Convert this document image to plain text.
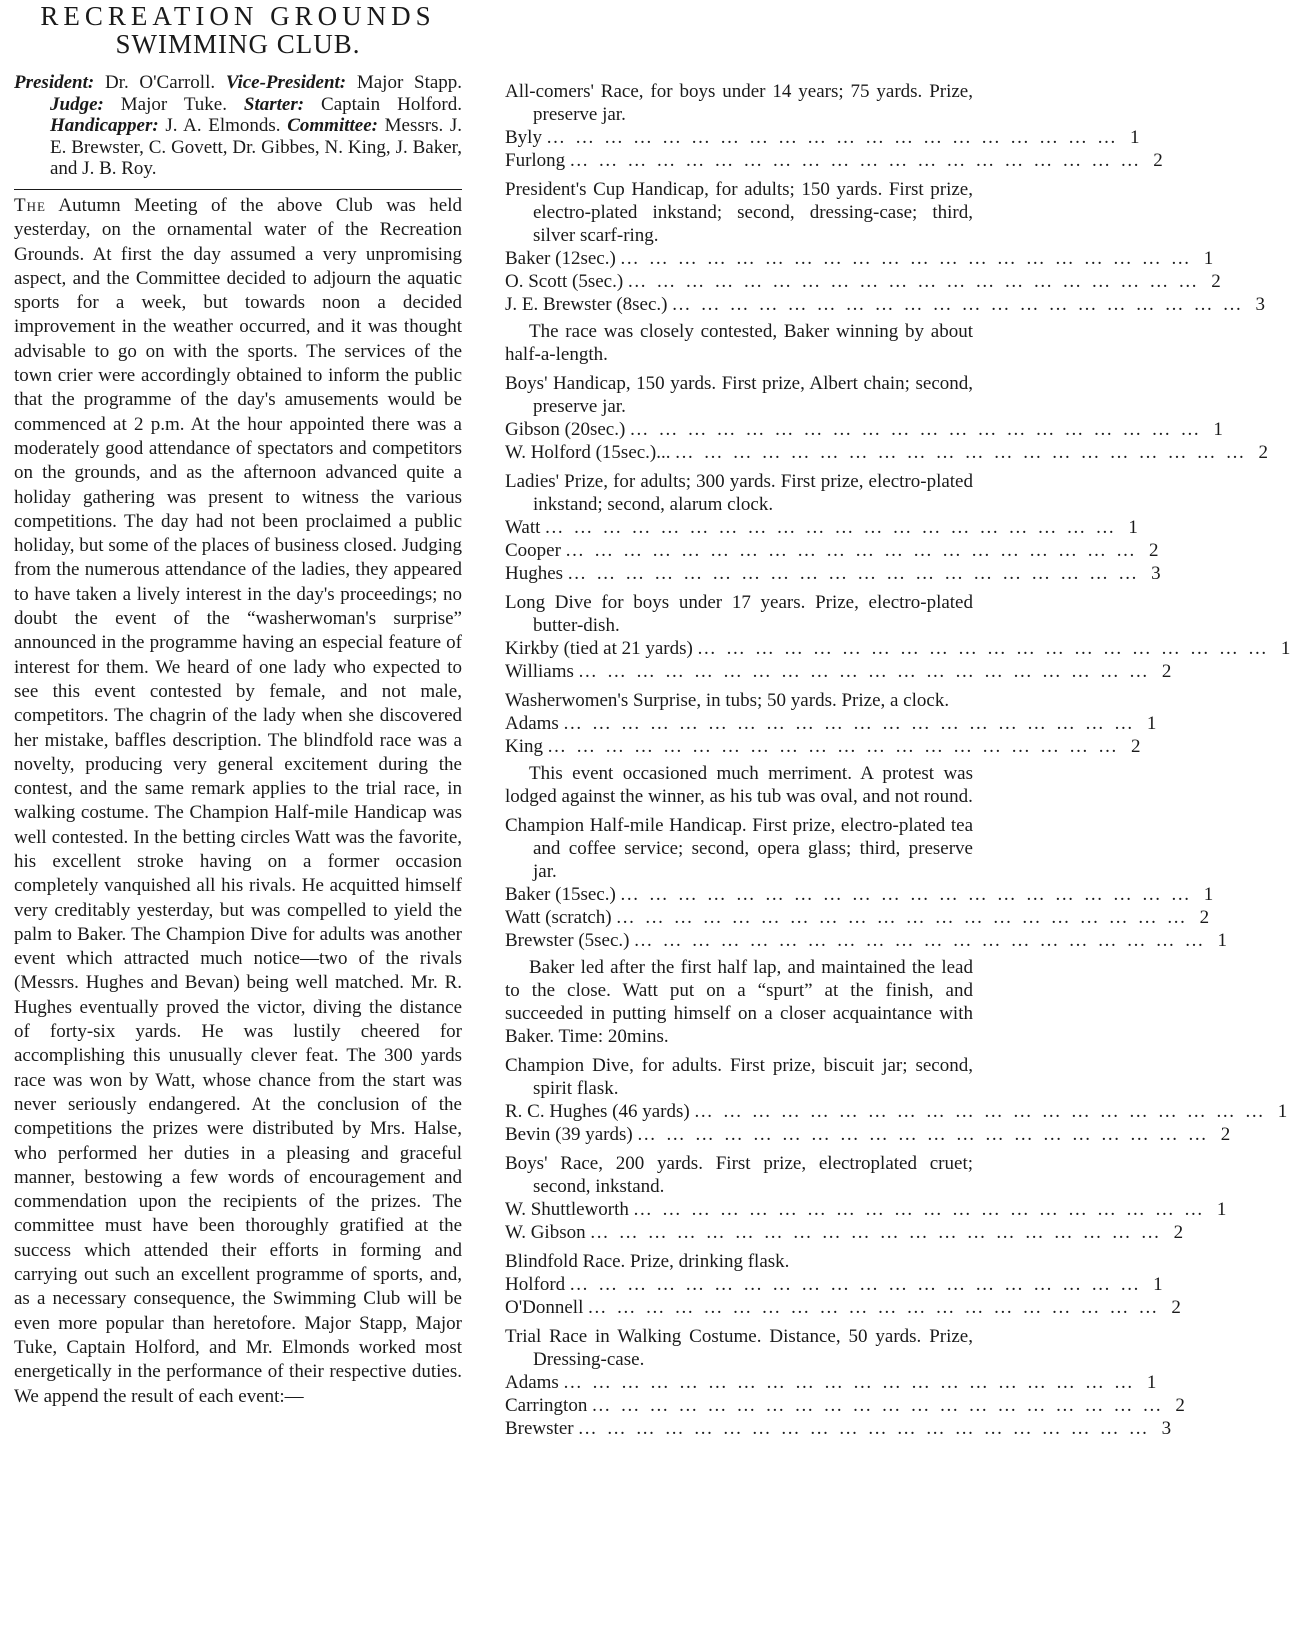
RECREATION GROUNDS
SWIMMING CLUB.

President: Dr. O'Carroll. Vice-President: Major Stapp. Judge: Major Tuke. Starter: Captain Holford. Handicapper: J. A. Elmonds. Committee: Messrs. J. E. Brewster, C. Govett, Dr. Gibbes, N. King, J. Baker, and J. B. Roy.

The Autumn Meeting of the above Club was held yesterday, on the ornamental water of the Recreation Grounds. At first the day assumed a very unpromising aspect, and the Committee decided to adjourn the aquatic sports for a week, but towards noon a decided improvement in the weather occurred, and it was thought advisable to go on with the sports. The services of the town crier were accordingly obtained to inform the public that the programme of the day's amusements would be commenced at 2 p.m. At the hour appointed there was a moderately good attendance of spectators and competitors on the grounds, and as the afternoon advanced quite a holiday gathering was present to witness the various competitions. The day had not been proclaimed a public holiday, but some of the places of business closed. Judging from the numerous attendance of the ladies, they appeared to have taken a lively interest in the day's proceedings; no doubt the event of the “washerwoman's surprise” announced in the programme having an especial feature of interest for them. We heard of one lady who expected to see this event contested by female, and not male, competitors. The chagrin of the lady when she discovered her mistake, baffles description. The blindfold race was a novelty, producing very general excitement during the contest, and the same remark applies to the trial race, in walking costume. The Champion Half-mile Handicap was well contested. In the betting circles Watt was the favorite, his excellent stroke having on a former occasion completely vanquished all his rivals. He acquitted himself very creditably yesterday, but was compelled to yield the palm to Baker. The Champion Dive for adults was another event which attracted much notice—two of the rivals (Messrs. Hughes and Bevan) being well matched. Mr. R. Hughes eventually proved the victor, diving the distance of forty-six yards. He was lustily cheered for accomplishing this unusually clever feat. The 300 yards race was won by Watt, whose chance from the start was never seriously endangered. At the conclusion of the competitions the prizes were distributed by Mrs. Halse, who performed her duties in a pleasing and graceful manner, bestowing a few words of encouragement and commendation upon the recipients of the prizes. The committee must have been thoroughly gratified at the success which attended their efforts in forming and carrying out such an excellent programme of sports, and, as a necessary consequence, the Swimming Club will be even more popular than heretofore. Major Stapp, Major Tuke, Captain Holford, and Mr. Elmonds worked most energetically in the performance of their respective duties. We append the result of each event:—

All-comers' Race, for boys under 14 years; 75 yards. Prize, preserve jar.

Byly …………………………………………………… 1
Furlong …………………………………………………… 2

President's Cup Handicap, for adults; 150 yards. First prize, electro-plated inkstand; second, dressing-case; third, silver scarf-ring.

Baker (12sec.) …………………………………………………… 1
O. Scott (5sec.) …………………………………………………… 2
J. E. Brewster (8sec.) …………………………………………………… 3

The race was closely contested, Baker winning by about half-a-length.

Boys' Handicap, 150 yards. First prize, Albert chain; second, preserve jar.

Gibson (20sec.) …………………………………………………… 1
W. Holford (15sec.)... …………………………………………………… 2

Ladies' Prize, for adults; 300 yards. First prize, electro-plated inkstand; second, alarum clock.

Watt …………………………………………………… 1
Cooper …………………………………………………… 2
Hughes …………………………………………………… 3

Long Dive for boys under 17 years. Prize, electro-plated butter-dish.

Kirkby (tied at 21 yards) …………………………………………………… 1
Williams …………………………………………………… 2

Washerwomen's Surprise, in tubs; 50 yards. Prize, a clock.

Adams …………………………………………………… 1
King …………………………………………………… 2

This event occasioned much merriment. A protest was lodged against the winner, as his tub was oval, and not round.

Champion Half-mile Handicap. First prize, electro-plated tea and coffee service; second, opera glass; third, preserve jar.

Baker (15sec.) …………………………………………………… 1
Watt (scratch) …………………………………………………… 2
Brewster (5sec.) …………………………………………………… 1

Baker led after the first half lap, and maintained the lead to the close. Watt put on a “spurt” at the finish, and succeeded in putting himself on a closer acquaintance with Baker. Time: 20mins.

Champion Dive, for adults. First prize, biscuit jar; second, spirit flask.

R. C. Hughes (46 yards) …………………………………………………… 1
Bevin (39 yards) …………………………………………………… 2

Boys' Race, 200 yards. First prize, electroplated cruet; second, inkstand.

W. Shuttleworth …………………………………………………… 1
W. Gibson …………………………………………………… 2

Blindfold Race. Prize, drinking flask.

Holford …………………………………………………… 1
O'Donnell …………………………………………………… 2

Trial Race in Walking Costume. Distance, 50 yards. Prize, Dressing-case.

Adams …………………………………………………… 1
Carrington …………………………………………………… 2
Brewster …………………………………………………… 3
